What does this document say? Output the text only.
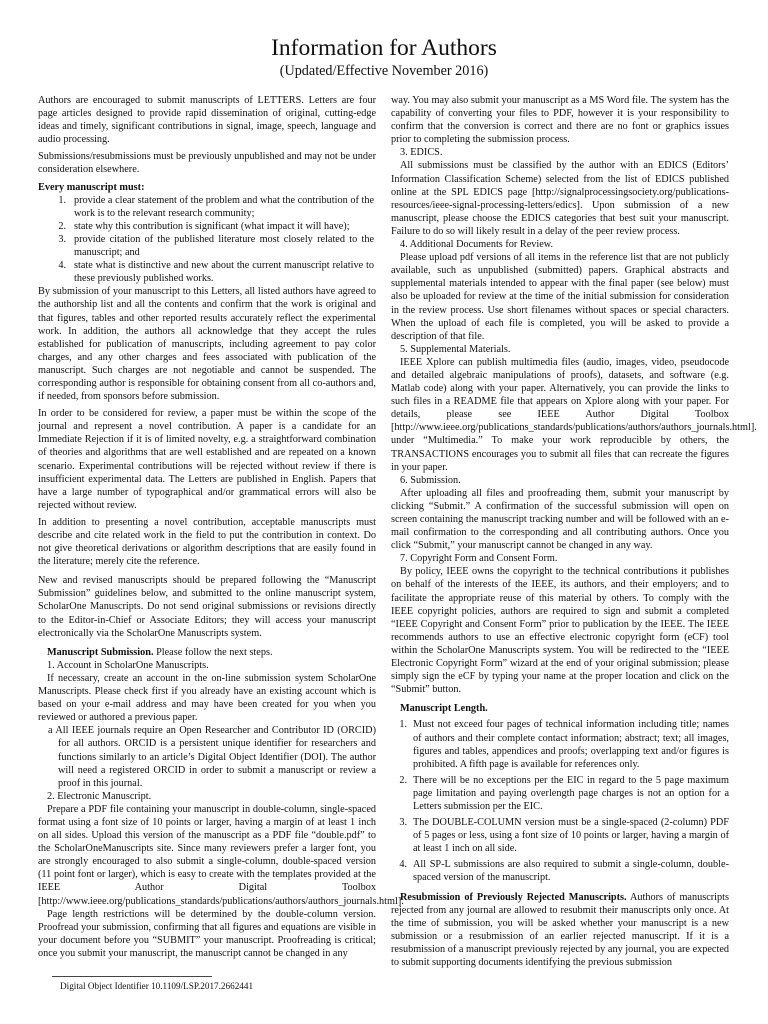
Information for Authors
(Updated/Effective November 2016)

Authors are encouraged to submit manuscripts of LETTERS. Letters are four page articles designed to provide rapid dissemination of original, cutting-edge ideas and timely, significant contributions in signal, image, speech, language and audio processing.

Submissions/resubmissions must be previously unpublished and may not be under consideration elsewhere.

Every manuscript must:

1. provide a clear statement of the problem and what the contribution of the work is to the relevant research community;
2. state why this contribution is significant (what impact it will have);
3. provide citation of the published literature most closely related to the manuscript; and
4. state what is distinctive and new about the current manuscript relative to these previously published works.

By submission of your manuscript to this Letters, all listed authors have agreed to the authorship list and all the contents and confirm that the work is original and that figures, tables and other reported results accurately reflect the experimental work. In addition, the authors all acknowledge that they accept the rules established for publication of manuscripts, including agreement to pay color charges, and any other charges and fees associated with publication of the manuscript. Such charges are not negotiable and cannot be suspended. The corresponding author is responsible for obtaining consent from all co-authors and, if needed, from sponsors before submission.

In order to be considered for review, a paper must be within the scope of the journal and represent a novel contribution. A paper is a candidate for an Immediate Rejection if it is of limited novelty, e.g. a straightforward combination of theories and algorithms that are well established and are repeated on a known scenario. Experimental contributions will be rejected without review if there is insufficient experimental data. The Letters are published in English. Papers that have a large number of typographical and/or grammatical errors will also be rejected without review.

In addition to presenting a novel contribution, acceptable manuscripts must describe and cite related work in the field to put the contribution in context. Do not give theoretical derivations or algorithm descriptions that are easily found in the literature; merely cite the reference.

New and revised manuscripts should be prepared following the “Manuscript Submission” guidelines below, and submitted to the online manuscript system, ScholarOne Manuscripts. Do not send original submissions or revisions directly to the Editor-in-Chief or Associate Editors; they will access your manuscript electronically via the ScholarOne Manuscripts system.

Manuscript Submission. Please follow the next steps.

1. Account in ScholarOne Manuscripts.

If necessary, create an account in the on-line submission system ScholarOne Manuscripts. Please check first if you already have an existing account which is based on your e-mail address and may have been created for you when you reviewed or authored a previous paper.

a All IEEE journals require an Open Researcher and Contributor ID (ORCID) for all authors. ORCID is a persistent unique identifier for researchers and functions similarly to an article’s Digital Object Identifier (DOI). The author will need a registered ORCID in order to submit a manuscript or review a proof in this journal.

2. Electronic Manuscript.

Prepare a PDF file containing your manuscript in double-column, single-spaced format using a font size of 10 points or larger, having a margin of at least 1 inch on all sides. Upload this version of the manuscript as a PDF file “double.pdf” to the ScholarOneManuscripts site. Since many reviewers prefer a larger font, you are strongly encouraged to also submit a single-column, double-spaced version (11 point font or larger), which is easy to create with the templates provided at the IEEE Author Digital Toolbox [http://www.ieee.org/publications_standards/publications/authors/authors_journals.html].

Page length restrictions will be determined by the double-column version. Proofread your submission, confirming that all figures and equations are visible in your document before you “SUBMIT” your manuscript. Proofreading is critical; once you submit your manuscript, the manuscript cannot be changed in any

way. You may also submit your manuscript as a MS Word file. The system has the capability of converting your files to PDF, however it is your responsibility to confirm that the conversion is correct and there are no font or graphics issues prior to completing the submission process.

3. EDICS.

All submissions must be classified by the author with an EDICS (Editors’ Information Classification Scheme) selected from the list of EDICS published online at the SPL EDICS page [http://signalprocessingsociety.org/publications-resources/ieee-signal-processing-letters/edics]. Upon submission of a new manuscript, please choose the EDICS categories that best suit your manuscript. Failure to do so will likely result in a delay of the peer review process.

4. Additional Documents for Review.

Please upload pdf versions of all items in the reference list that are not publicly available, such as unpublished (submitted) papers. Graphical abstracts and supplemental materials intended to appear with the final paper (see below) must also be uploaded for review at the time of the initial submission for consideration in the review process. Use short filenames without spaces or special characters. When the upload of each file is completed, you will be asked to provide a description of that file.

5. Supplemental Materials.

IEEE Xplore can publish multimedia files (audio, images, video, pseudocode and detailed algebraic manipulations of proofs), datasets, and software (e.g. Matlab code) along with your paper. Alternatively, you can provide the links to such files in a README file that appears on Xplore along with your paper. For details, please see IEEE Author Digital Toolbox [http://www.ieee.org/publications_standards/publications/authors/authors_journals.html]. under “Multimedia.” To make your work reproducible by others, the TRANSACTIONS encourages you to submit all files that can recreate the figures in your paper.

6. Submission.

After uploading all files and proofreading them, submit your manuscript by clicking “Submit.” A confirmation of the successful submission will open on screen containing the manuscript tracking number and will be followed with an e-mail confirmation to the corresponding and all contributing authors. Once you click “Submit,” your manuscript cannot be changed in any way.

7. Copyright Form and Consent Form.

By policy, IEEE owns the copyright to the technical contributions it publishes on behalf of the interests of the IEEE, its authors, and their employers; and to facilitate the appropriate reuse of this material by others. To comply with the IEEE copyright policies, authors are required to sign and submit a completed “IEEE Copyright and Consent Form” prior to publication by the IEEE. The IEEE recommends authors to use an effective electronic copyright form (eCF) tool within the ScholarOne Manuscripts system. You will be redirected to the “IEEE Electronic Copyright Form” wizard at the end of your original submission; please simply sign the eCF by typing your name at the proper location and click on the “Submit” button.

Manuscript Length.

1. Must not exceed four pages of technical information including title; names of authors and their complete contact information; abstract; text; all images, figures and tables, appendices and proofs; overlapping text and/or figures is prohibited. A fifth page is available for references only.
2. There will be no exceptions per the EIC in regard to the 5 page maximum page limitation and paying overlength page charges is not an option for a Letters submission per the EIC.
3. The DOUBLE-COLUMN version must be a single-spaced (2-column) PDF of 5 pages or less, using a font size of 10 points or larger, having a margin of at least 1 inch on all side.
4. All SP-L submissions are also required to submit a single-column, double-spaced version of the manuscript.

Resubmission of Previously Rejected Manuscripts. Authors of manuscripts rejected from any journal are allowed to resubmit their manuscripts only once. At the time of submission, you will be asked whether your manuscript is a new submission or a resubmission of an earlier rejected manuscript. If it is a resubmission of a manuscript previously rejected by any journal, you are expected to submit supporting documents identifying the previous submission

Digital Object Identifier 10.1109/LSP.2017.2662441
